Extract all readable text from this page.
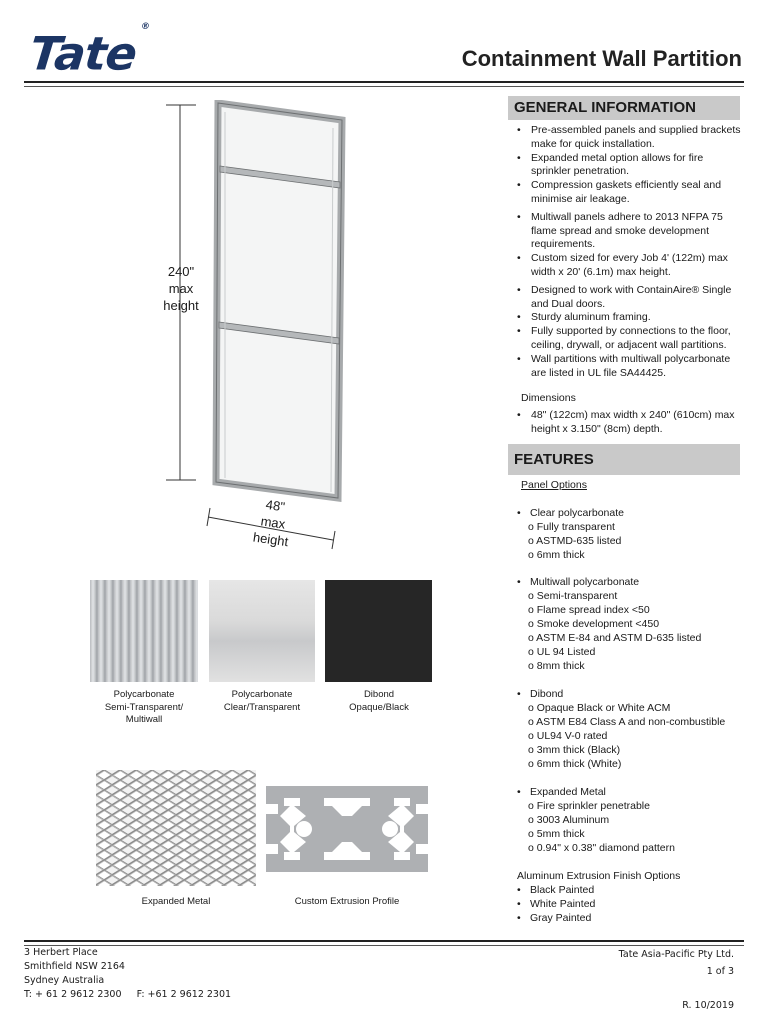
Tate®
Containment Wall Partition
240"
max
height
48"
max
height
Polycarbonate
Semi-Transparent/
Multiwall
Polycarbonate
Clear/Transparent
Dibond
Opaque/Black
Expanded Metal	Custom Extrusion Profile
GENERAL INFORMATION
• Pre-assembled panels and supplied brackets make for quick installation.
• Expanded metal option allows for fire sprinkler penetration.
• Compression gaskets efficiently seal and minimise air leakage.
• Multiwall panels adhere to 2013 NFPA 75 flame spread and smoke development requirements.
• Custom sized for every Job 4' (122m) max width x 20' (6.1m) max height.
• Designed to work with ContainAire® Single and Dual doors.
• Sturdy aluminum framing.
• Fully supported by connections to the floor, ceiling, drywall, or adjacent wall partitions.
• Wall partitions with multiwall polycarbonate are listed in UL file SA44425.
Dimensions
• 48" (122cm) max width x 240" (610cm) max height x 3.150" (8cm) depth.
FEATURES
Panel Options
• Clear polycarbonate
o Fully transparent
o ASTMD-635 listed
o 6mm thick
• Multiwall polycarbonate
o Semi-transparent
o Flame spread index <50
o Smoke development <450
o ASTM E-84 and ASTM D-635 listed
o UL 94 Listed
o 8mm thick
• Dibond
o Opaque Black or White ACM
o ASTM E84 Class A and non-combustible
o UL94 V-0 rated
o 3mm thick (Black)
o 6mm thick (White)
• Expanded Metal
o Fire sprinkler penetrable
o 3003 Aluminum
o 5mm thick
o 0.94" x 0.38" diamond pattern
Aluminum Extrusion Finish Options
• Black Painted
• White Painted
• Gray Painted
3 Herbert Place
Smithfield NSW 2164
Sydney Australia
T: + 61 2 9612 2300     F: +61 2 9612 2301
Tate Asia-Pacific Pty Ltd.
1 of 3
R. 10/2019
